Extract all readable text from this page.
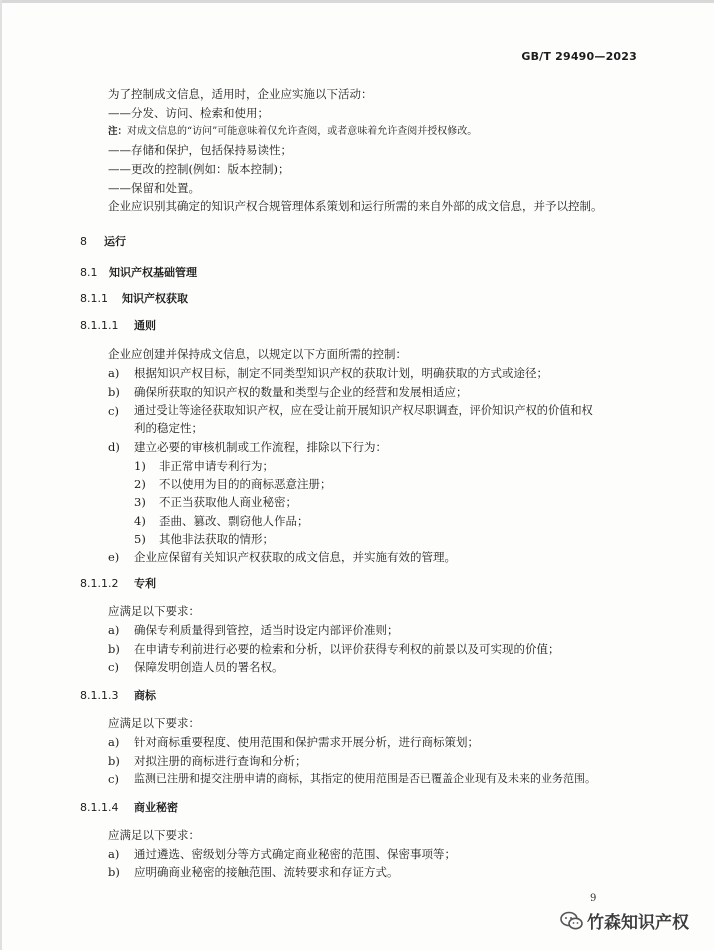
GB/T 29490—2023
为了控制成文信息，适用时，企业应实施以下活动：
——分发、访问、检索和使用；
注：对成文信息的“访问”可能意味着仅允许查阅，或者意味着允许查阅并授权修改。
——存储和保护，包括保持易读性；
——更改的控制(例如：版本控制)；
——保留和处置。
企业应识别其确定的知识产权合规管理体系策划和运行所需的来自外部的成文信息，并予以控制。
8 运行
8.1 知识产权基础管理
8.1.1 知识产权获取
8.1.1.1 通则
企业应创建并保持成文信息，以规定以下方面所需的控制：
a) 根据知识产权目标，制定不同类型知识产权的获取计划，明确获取的方式或途径；
b) 确保所获取的知识产权的数量和类型与企业的经营和发展相适应；
c) 通过受让等途径获取知识产权，应在受让前开展知识产权尽职调查，评价知识产权的价值和权
利的稳定性；
d) 建立必要的审核机制或工作流程，排除以下行为：
1) 非正常申请专利行为；
2) 不以使用为目的的商标恶意注册；
3) 不正当获取他人商业秘密；
4) 歪曲、篡改、剽窃他人作品；
5) 其他非法获取的情形；
e) 企业应保留有关知识产权获取的成文信息，并实施有效的管理。
8.1.1.2 专利
应满足以下要求：
a) 确保专利质量得到管控，适当时设定内部评价准则；
b) 在申请专利前进行必要的检索和分析，以评价获得专利权的前景以及可实现的价值；
c) 保障发明创造人员的署名权。
8.1.1.3 商标
应满足以下要求：
a) 针对商标重要程度、使用范围和保护需求开展分析，进行商标策划；
b) 对拟注册的商标进行查询和分析；
c) 监测已注册和提交注册申请的商标，其指定的使用范围是否已覆盖企业现有及未来的业务范围。
8.1.1.4 商业秘密
应满足以下要求：
a) 通过遴选、密级划分等方式确定商业秘密的范围、保密事项等；
b) 应明确商业秘密的接触范围、流转要求和存证方式。
9
竹森知识产权
